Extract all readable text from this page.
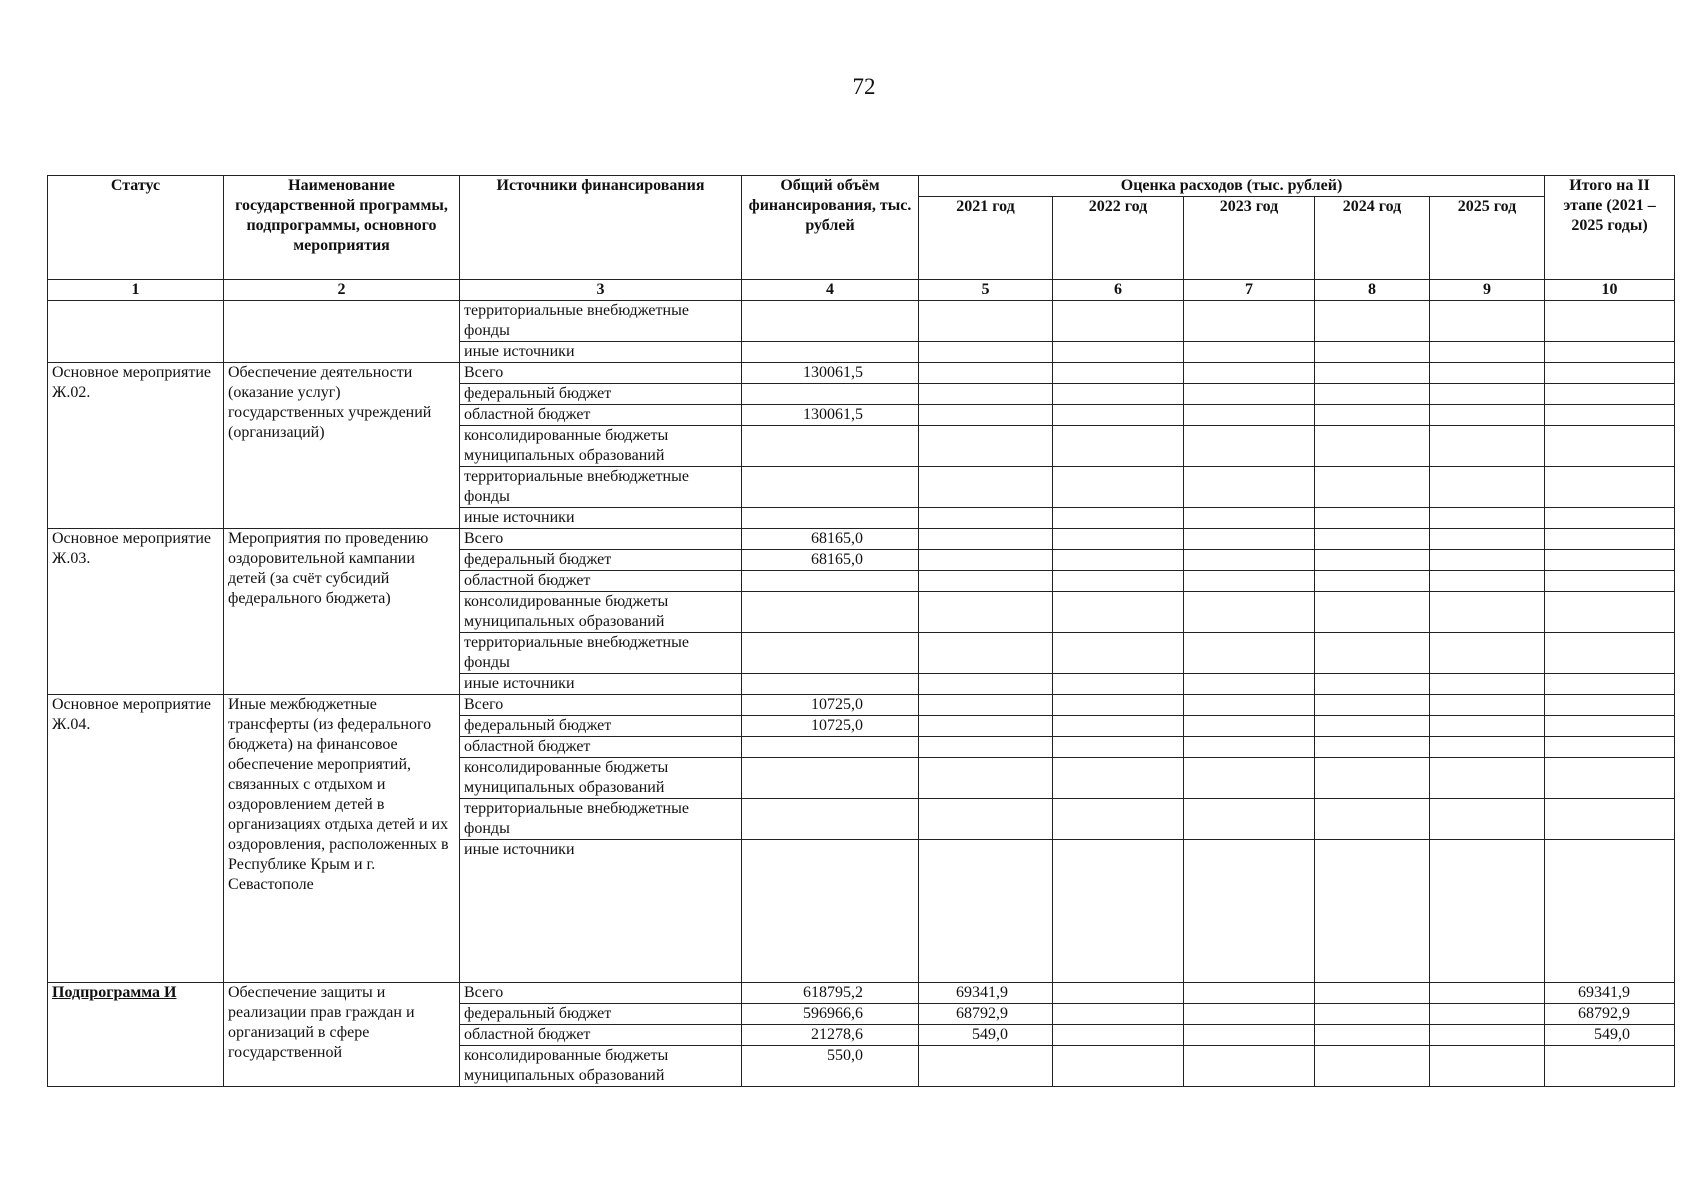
72
Статус	Наименование государственной программы, подпрограммы, основного мероприятия	Источники финансирования	Общий объём финансирования, тыс. рублей	Оценка расходов (тыс. рублей)					Итого на II этапе (2021 – 2025 годы)
				2021 год	2022 год	2023 год	2024 год	2025 год	
1	2	3	4	5	6	7	8	9	10
		территориальные внебюджетные фонды							
		иные источники							
Основное мероприятие Ж.02.	Обеспечение деятельности (оказание услуг) государственных учреждений (организаций)	Всего	130061,5						
		федеральный бюджет							
		областной бюджет	130061,5						
		консолидированные бюджеты муниципальных образований							
		территориальные внебюджетные фонды							
		иные источники							
Основное мероприятие Ж.03.	Мероприятия по проведению оздоровительной кампании детей (за счёт субсидий федерального бюджета)	Всего	68165,0						
		федеральный бюджет	68165,0						
		областной бюджет							
		консолидированные бюджеты муниципальных образований							
		территориальные внебюджетные фонды							
		иные источники							
Основное мероприятие Ж.04.	Иные межбюджетные трансферты (из федерального бюджета) на финансовое обеспечение мероприятий, связанных с отдыхом и оздоровлением детей в организациях отдыха детей и их оздоровления, расположенных в Республике Крым и г. Севастополе	Всего	10725,0						
		федеральный бюджет	10725,0						
		областной бюджет							
		консолидированные бюджеты муниципальных образований							
		территориальные внебюджетные фонды							
		иные источники							
Подпрограмма И	Обеспечение защиты и реализации прав граждан и организаций в сфере государственной	Всего	618795,2	69341,9					69341,9
		федеральный бюджет	596966,6	68792,9					68792,9
		областной бюджет	21278,6	549,0					549,0
		консолидированные бюджеты муниципальных образований	550,0						
